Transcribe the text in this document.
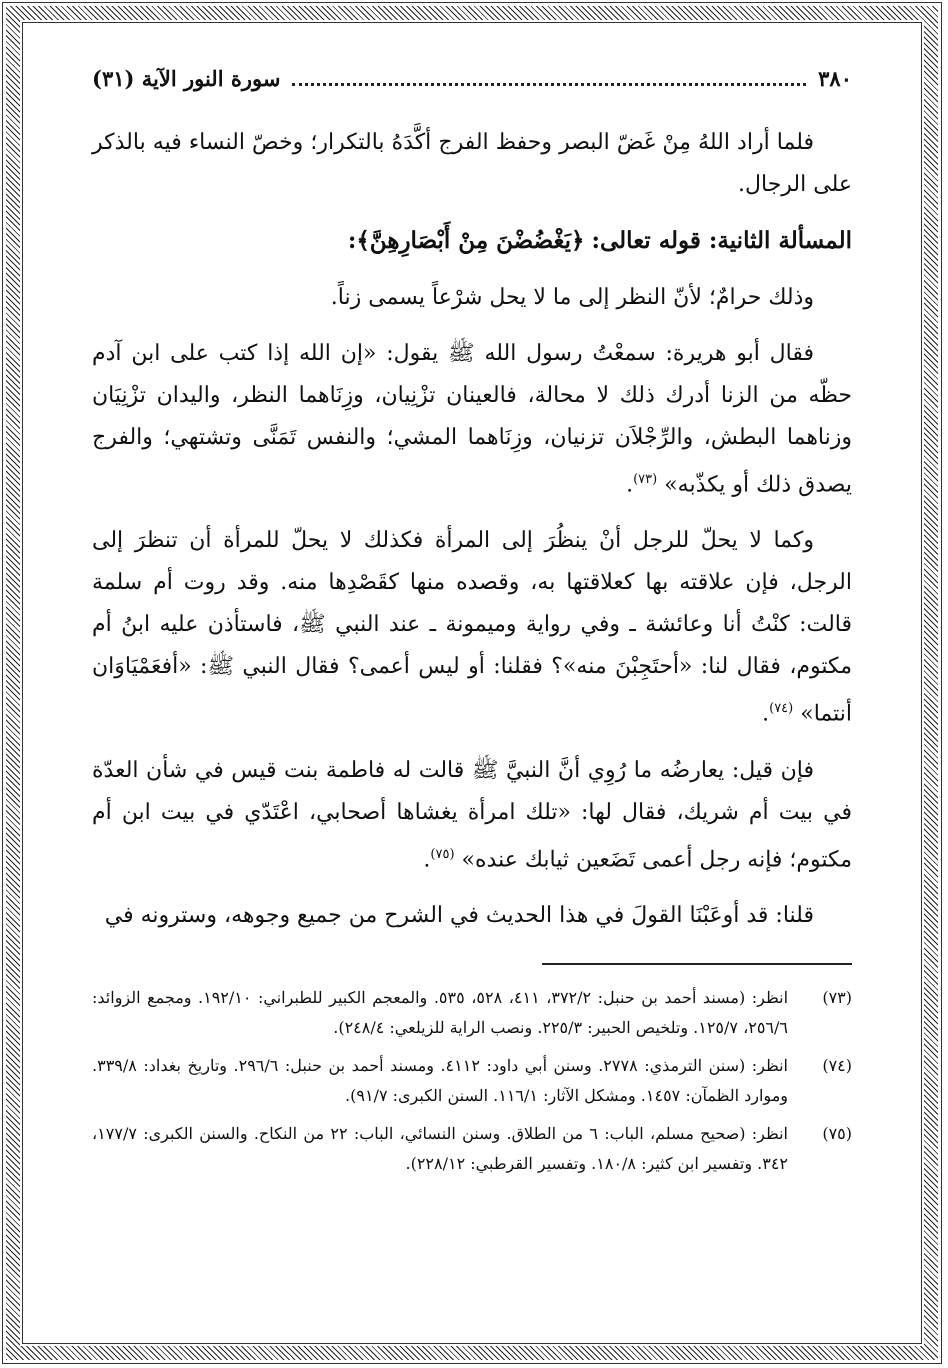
٣٨٠
سورة النور الآية (٣١)

فلما أراد اللهُ مِنْ غَضّ البصر وحفظ الفرج أكَّدَهُ بالتكرار؛ وخصّ النساء فيه بالذكر على الرجال.

المسألة الثانية: قوله تعالى: ﴿يَغْضُضْنَ مِنْ أَبْصَارِهِنَّ﴾:

وذلك حرامٌ؛ لأنّ النظر إلى ما لا يحل شرْعاً يسمى زناً.

فقال أبو هريرة: سمعْتُ رسول الله ﷺ يقول: «إن الله إذا كتب على ابن آدم حظّه من الزنا أدرك ذلك لا محالة، فالعينان تزْنِيان، وزِنَاهما النظر، واليدان تزْنِيَان وزناهما البطش، والرِّجْلاَن تزنيان، وزِنَاهما المشي؛ والنفس تَمَنَّى وتشتهي؛ والفرج يصدق ذلك أو يكذّبه» $^{(٧٣)}$.

وكما لا يحلّ للرجل أنْ ينظُرَ إلى المرأة فكذلك لا يحلّ للمرأة أن تنظرَ إلى الرجل، فإن علاقته بها كعلاقتها به، وقصده منها كقَصْدِها منه. وقد روت أم سلمة قالت: كنْتُ أنا وعائشة ـ وفي رواية وميمونة ـ عند النبي ﷺ، فاستأذن عليه ابنُ أم مكتوم، فقال لنا: «أحتَجِبْنَ منه»؟ فقلنا: أو ليس أعمى؟ فقال النبي ﷺ: «أفعَمْيَاوَان أنتما» $^{(٧٤)}$.

فإن قيل: يعارضُه ما رُوِي أنَّ النبيَّ ﷺ قالت له فاطمة بنت قيس في شأن العدّة في بيت أم شريك، فقال لها: «تلك امرأة يغشاها أصحابي، اعْتَدّي في بيت ابن أم مكتوم؛ فإنه رجل أعمى تَضَعين ثيابك عنده» $^{(٧٥)}$.

قلنا: قد أوعَبْنَا القولَ في هذا الحديث في الشرح من جميع وجوهه، وسترونه في

(٧٣)
انظر: (مسند أحمد بن حنبل: ٣٧٢/٢، ٤١١، ٥٢٨، ٥٣٥. والمعجم الكبير للطبراني: ١٩٢/١٠. ومجمع الزوائد: ٢٥٦/٦، ١٢٥/٧. وتلخيص الحبير: ٢٢٥/٣. ونصب الراية للزيلعي: ٢٤٨/٤).
(٧٤)
انظر: (سنن الترمذي: ٢٧٧٨. وسنن أبي داود: ٤١١٢. ومسند أحمد بن حنبل: ٢٩٦/٦. وتاريخ بغداد: ٣٣٩/٨. وموارد الظمآن: ١٤٥٧. ومشكل الآثار: ١١٦/١. السنن الكبرى: ٩١/٧).
(٧٥)
انظر: (صحيح مسلم، الباب: ٦ من الطلاق. وسنن النسائي، الباب: ٢٢ من النكاح. والسنن الكبرى: ١٧٧/٧، ٣٤٢. وتفسير ابن كثير: ١٨٠/٨. وتفسير القرطبي: ٢٢٨/١٢).
